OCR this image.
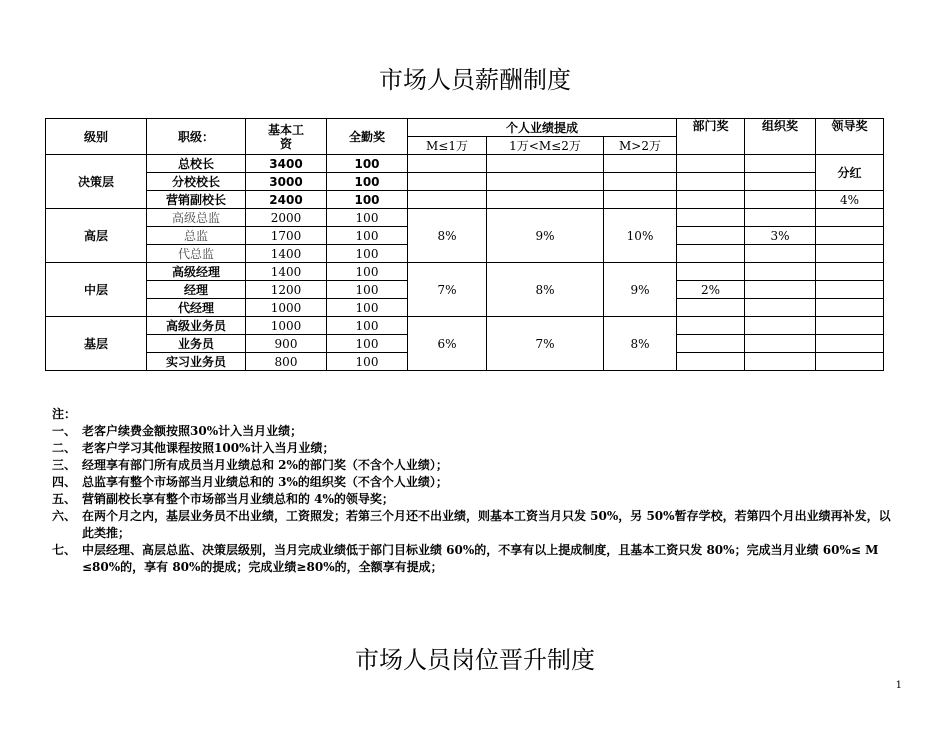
市场人员薪酬制度
级别	职级：	基本工资	全勤奖	个人业绩提成			部门奖	组织奖	领导奖
				M≤1万	1万<M≤2万	M>2万			
决策层	总校长	3400	100						分红
	分校校长	3000	100						
	营销副校长	2400	100						4%
高层	高级总监	2000	100	8%	9%	10%			
	总监	1700	100					3%	
	代总监	1400	100						
中层	高级经理	1400	100	7%	8%	9%			
	经理	1200	100				2%		
	代经理	1000	100						
基层	高级业务员	1000	100	6%	7%	8%			
	业务员	900	100						
	实习业务员	800	100						
注：
一、 老客户续费金额按照30%计入当月业绩；
二、 老客户学习其他课程按照100%计入当月业绩；
三、 经理享有部门所有成员当月业绩总和 2%的部门奖（不含个人业绩）；
四、 总监享有整个市场部当月业绩总和的 3%的组织奖（不含个人业绩）；
五、 营销副校长享有整个市场部当月业绩总和的 4%的领导奖；
六、 在两个月之内，基层业务员不出业绩，工资照发；若第三个月还不出业绩，则基本工资当月只发 50%，另 50%暂存学校，若第四个月出业绩再补发，以此类推；
七、 中层经理、高层总监、决策层级别，当月完成业绩低于部门目标业绩 60%的，不享有以上提成制度，且基本工资只发 80%；完成当月业绩 60%≤ M ≤80%的，享有 80%的提成；完成业绩≥80%的，全额享有提成；
市场人员岗位晋升制度
1
